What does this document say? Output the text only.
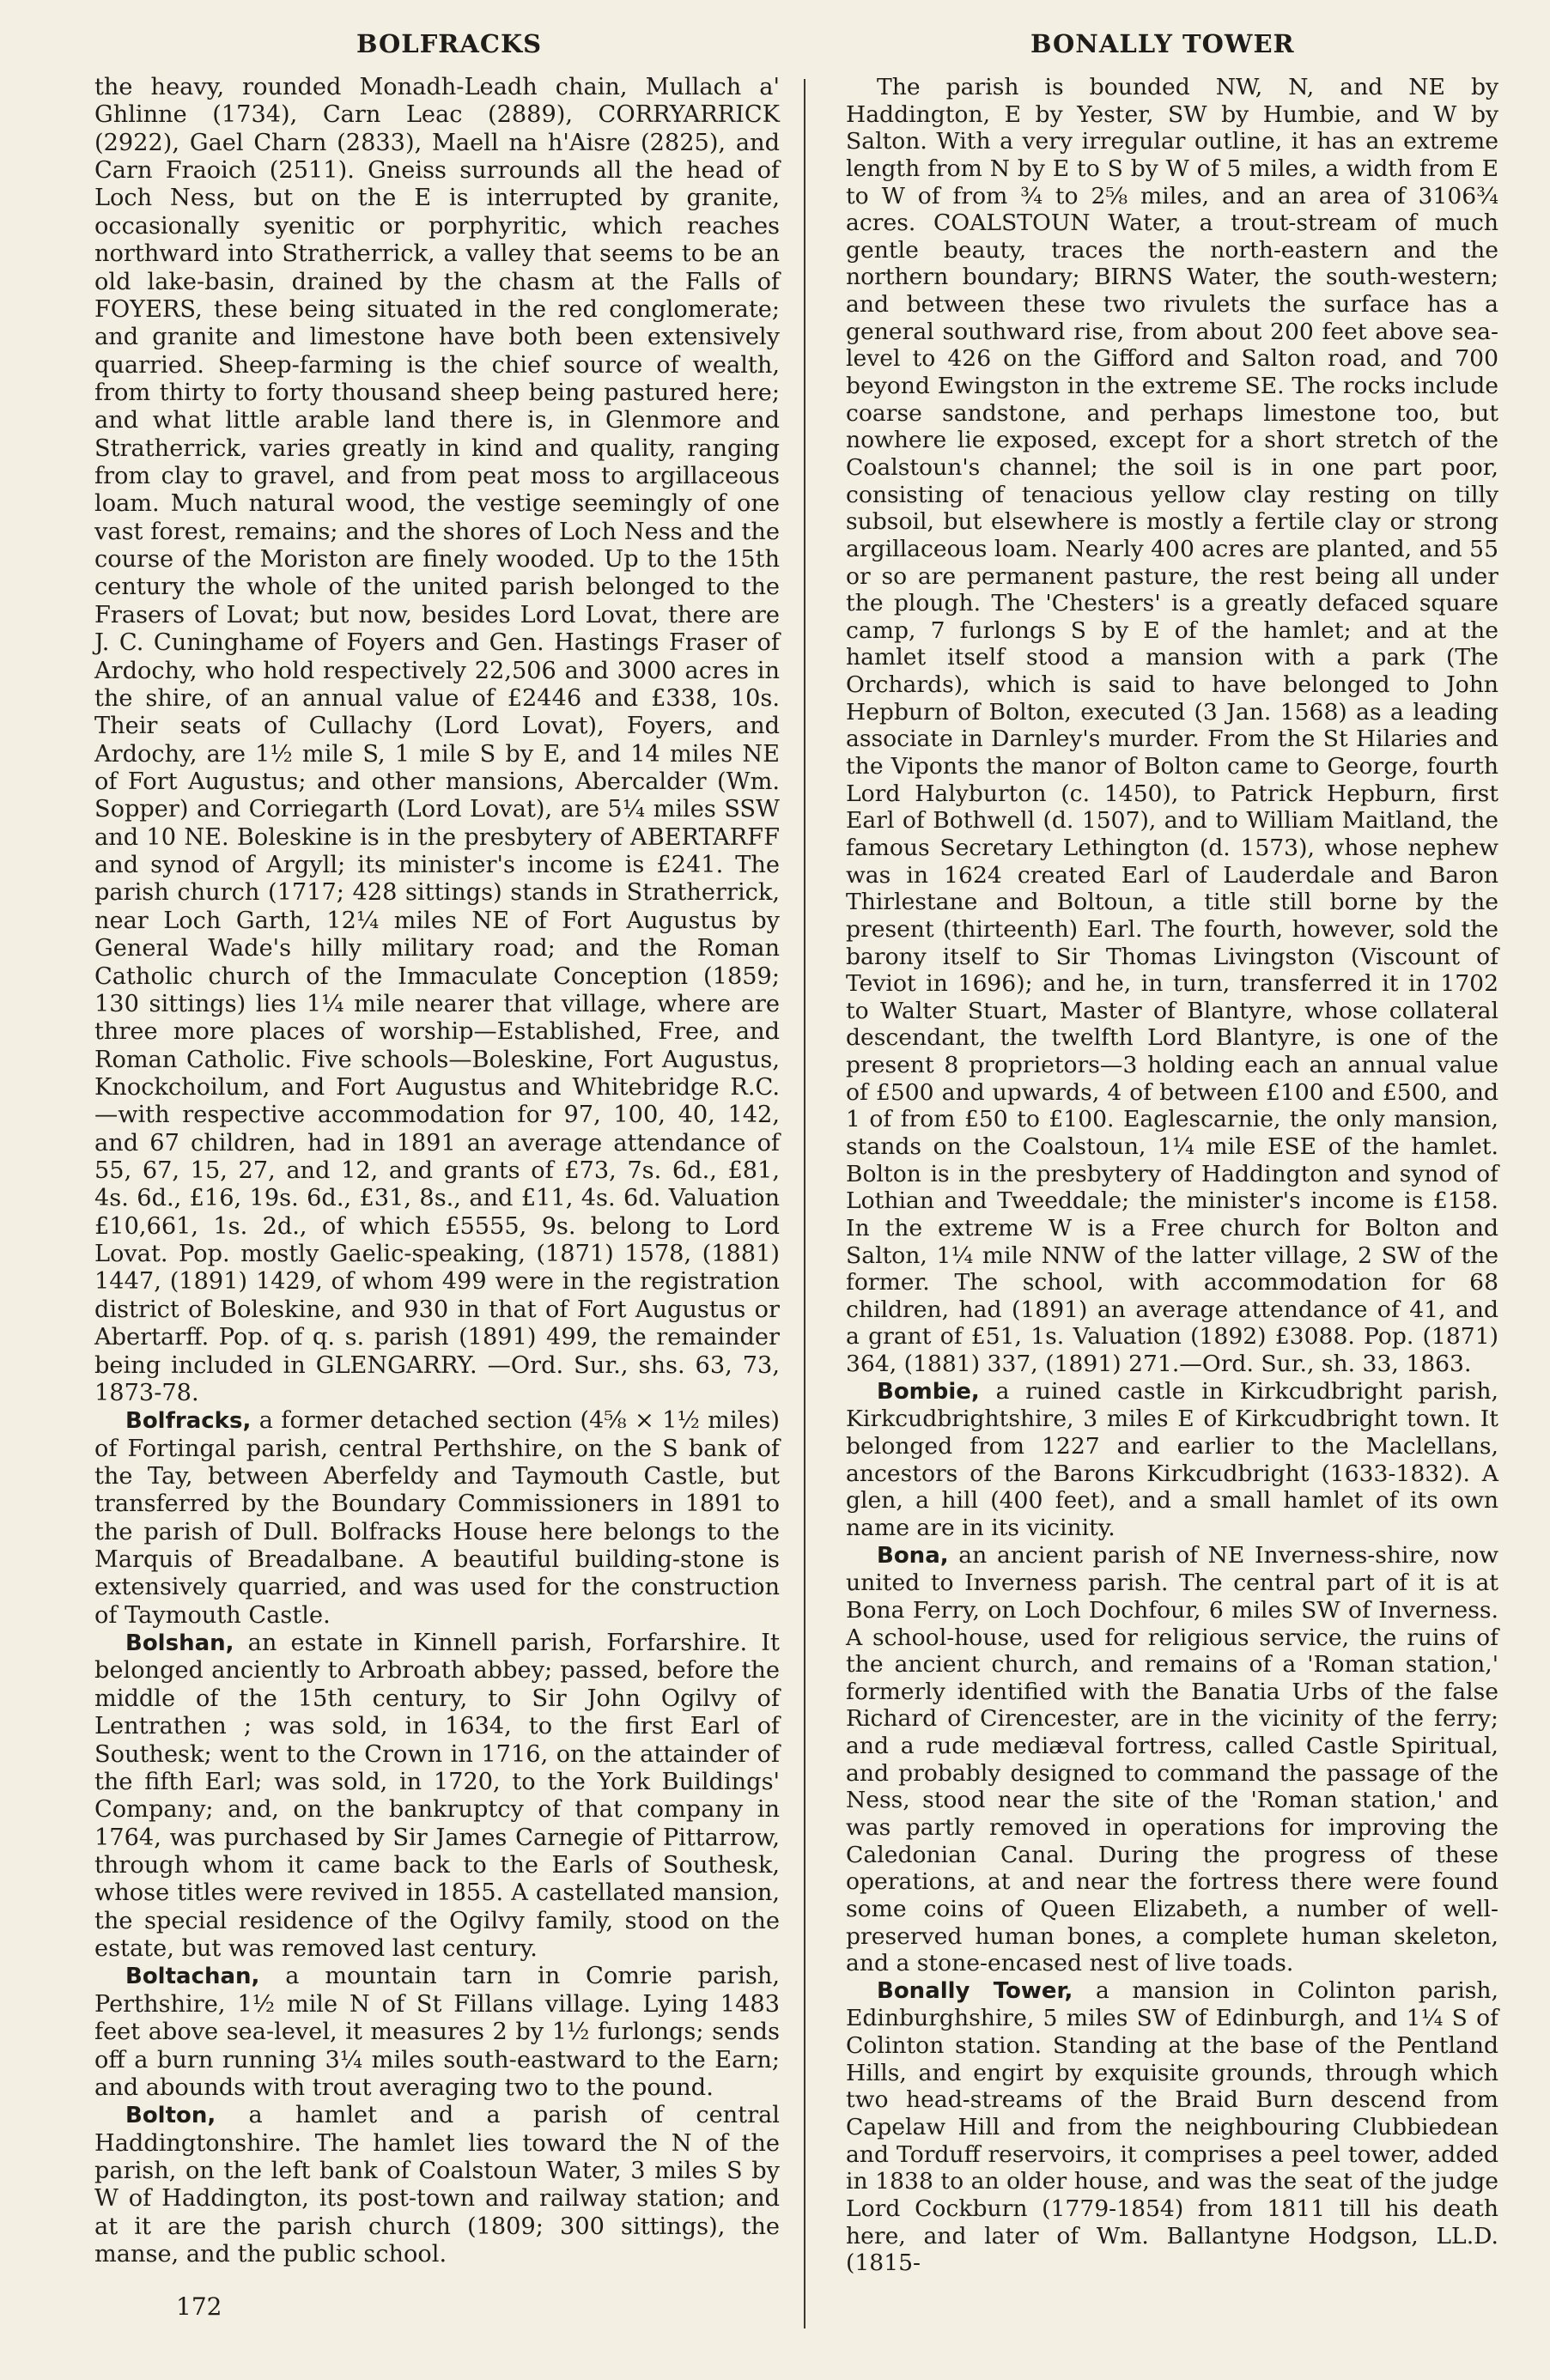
BOLFRACKS	BONALLY TOWER

the heavy, rounded Monadh-Leadh chain, Mullach a' Ghlinne (1734), Carn Leac (2889), CORRYARRICK (2922), Gael Charn (2833), Maell na h'Aisre (2825), and Carn Fraoich (2511). Gneiss surrounds all the head of Loch Ness, but on the E is interrupted by granite, occasionally syenitic or porphyritic, which reaches northward into Stratherrick, a valley that seems to be an old lake-basin, drained by the chasm at the Falls of FOYERS, these being situated in the red conglomerate; and granite and limestone have both been extensively quarried. Sheep-farming is the chief source of wealth, from thirty to forty thousand sheep being pastured here; and what little arable land there is, in Glenmore and Stratherrick, varies greatly in kind and quality, ranging from clay to gravel, and from peat moss to argillaceous loam. Much natural wood, the vestige seemingly of one vast forest, remains; and the shores of Loch Ness and the course of the Moriston are finely wooded. Up to the 15th century the whole of the united parish belonged to the Frasers of Lovat; but now, besides Lord Lovat, there are J. C. Cuninghame of Foyers and Gen. Hastings Fraser of Ardochy, who hold respectively 22,506 and 3000 acres in the shire, of an annual value of £2446 and £338, 10s. Their seats of Cullachy (Lord Lovat), Foyers, and Ardochy, are 1½ mile S, 1 mile S by E, and 14 miles NE of Fort Augustus; and other mansions, Abercalder (Wm. Sopper) and Corriegarth (Lord Lovat), are 5¼ miles SSW and 10 NE. Boleskine is in the presbytery of ABERTARFF and synod of Argyll; its minister's income is £241. The parish church (1717; 428 sittings) stands in Stratherrick, near Loch Garth, 12¼ miles NE of Fort Augustus by General Wade's hilly military road; and the Roman Catholic church of the Immaculate Conception (1859; 130 sittings) lies 1¼ mile nearer that village, where are three more places of worship—Established, Free, and Roman Catholic. Five schools—Boleskine, Fort Augustus, Knockchoilum, and Fort Augustus and Whitebridge R.C.—with respective accommodation for 97, 100, 40, 142, and 67 children, had in 1891 an average attendance of 55, 67, 15, 27, and 12, and grants of £73, 7s. 6d., £81, 4s. 6d., £16, 19s. 6d., £31, 8s., and £11, 4s. 6d. Valuation £10,661, 1s. 2d., of which £5555, 9s. belong to Lord Lovat. Pop. mostly Gaelic-speaking, (1871) 1578, (1881) 1447, (1891) 1429, of whom 499 were in the registration district of Boleskine, and 930 in that of Fort Augustus or Abertarff. Pop. of q. s. parish (1891) 499, the remainder being included in GLENGARRY. —Ord. Sur., shs. 63, 73, 1873-78.

Bolfracks, a former detached section (4⅝ × 1½ miles) of Fortingal parish, central Perthshire, on the S bank of the Tay, between Aberfeldy and Taymouth Castle, but transferred by the Boundary Commissioners in 1891 to the parish of Dull. Bolfracks House here belongs to the Marquis of Breadalbane. A beautiful building-stone is extensively quarried, and was used for the construction of Taymouth Castle.

Bolshan, an estate in Kinnell parish, Forfarshire. It belonged anciently to Arbroath abbey; passed, before the middle of the 15th century, to Sir John Ogilvy of Lentrathen ; was sold, in 1634, to the first Earl of Southesk; went to the Crown in 1716, on the attainder of the fifth Earl; was sold, in 1720, to the York Buildings' Company; and, on the bankruptcy of that company in 1764, was purchased by Sir James Carnegie of Pittarrow, through whom it came back to the Earls of Southesk, whose titles were revived in 1855. A castellated mansion, the special residence of the Ogilvy family, stood on the estate, but was removed last century.

Boltachan, a mountain tarn in Comrie parish, Perthshire, 1½ mile N of St Fillans village. Lying 1483 feet above sea-level, it measures 2 by 1½ furlongs; sends off a burn running 3¼ miles south-eastward to the Earn; and abounds with trout averaging two to the pound.

Bolton, a hamlet and a parish of central Haddingtonshire. The hamlet lies toward the N of the parish, on the left bank of Coalstoun Water, 3 miles S by W of Haddington, its post-town and railway station; and at it are the parish church (1809; 300 sittings), the manse, and the public school.

The parish is bounded NW, N, and NE by Haddington, E by Yester, SW by Humbie, and W by Salton. With a very irregular outline, it has an extreme length from N by E to S by W of 5 miles, a width from E to W of from ¾ to 2⅝ miles, and an area of 3106¾ acres. COALSTOUN Water, a trout-stream of much gentle beauty, traces the north-eastern and the northern boundary; BIRNS Water, the south-western; and between these two rivulets the surface has a general southward rise, from about 200 feet above sea-level to 426 on the Gifford and Salton road, and 700 beyond Ewingston in the extreme SE. The rocks include coarse sandstone, and perhaps limestone too, but nowhere lie exposed, except for a short stretch of the Coalstoun's channel; the soil is in one part poor, consisting of tenacious yellow clay resting on tilly subsoil, but elsewhere is mostly a fertile clay or strong argillaceous loam. Nearly 400 acres are planted, and 55 or so are permanent pasture, the rest being all under the plough. The 'Chesters' is a greatly defaced square camp, 7 furlongs S by E of the hamlet; and at the hamlet itself stood a mansion with a park (The Orchards), which is said to have belonged to John Hepburn of Bolton, executed (3 Jan. 1568) as a leading associate in Darnley's murder. From the St Hilaries and the Viponts the manor of Bolton came to George, fourth Lord Halyburton (c. 1450), to Patrick Hepburn, first Earl of Bothwell (d. 1507), and to William Maitland, the famous Secretary Lethington (d. 1573), whose nephew was in 1624 created Earl of Lauderdale and Baron Thirlestane and Boltoun, a title still borne by the present (thirteenth) Earl. The fourth, however, sold the barony itself to Sir Thomas Livingston (Viscount of Teviot in 1696); and he, in turn, transferred it in 1702 to Walter Stuart, Master of Blantyre, whose collateral descendant, the twelfth Lord Blantyre, is one of the present 8 proprietors—3 holding each an annual value of £500 and upwards, 4 of between £100 and £500, and 1 of from £50 to £100. Eaglescarnie, the only mansion, stands on the Coalstoun, 1¼ mile ESE of the hamlet. Bolton is in the presbytery of Haddington and synod of Lothian and Tweeddale; the minister's income is £158. In the extreme W is a Free church for Bolton and Salton, 1¼ mile NNW of the latter village, 2 SW of the former. The school, with accommodation for 68 children, had (1891) an average attendance of 41, and a grant of £51, 1s. Valuation (1892) £3088. Pop. (1871) 364, (1881) 337, (1891) 271.—Ord. Sur., sh. 33, 1863.

Bombie, a ruined castle in Kirkcudbright parish, Kirkcudbrightshire, 3 miles E of Kirkcudbright town. It belonged from 1227 and earlier to the Maclellans, ancestors of the Barons Kirkcudbright (1633-1832). A glen, a hill (400 feet), and a small hamlet of its own name are in its vicinity.

Bona, an ancient parish of NE Inverness-shire, now united to Inverness parish. The central part of it is at Bona Ferry, on Loch Dochfour, 6 miles SW of Inverness. A school-house, used for religious service, the ruins of the ancient church, and remains of a 'Roman station,' formerly identified with the Banatia Urbs of the false Richard of Cirencester, are in the vicinity of the ferry; and a rude mediæval fortress, called Castle Spiritual, and probably designed to command the passage of the Ness, stood near the site of the 'Roman station,' and was partly removed in operations for improving the Caledonian Canal. During the progress of these operations, at and near the fortress there were found some coins of Queen Elizabeth, a number of well-preserved human bones, a complete human skeleton, and a stone-encased nest of live toads.

Bonally Tower, a mansion in Colinton parish, Edinburghshire, 5 miles SW of Edinburgh, and 1¼ S of Colinton station. Standing at the base of the Pentland Hills, and engirt by exquisite grounds, through which two head-streams of the Braid Burn descend from Capelaw Hill and from the neighbouring Clubbiedean and Torduff reservoirs, it comprises a peel tower, added in 1838 to an older house, and was the seat of the judge Lord Cockburn (1779-1854) from 1811 till his death here, and later of Wm. Ballantyne Hodgson, LL.D. (1815-

172
